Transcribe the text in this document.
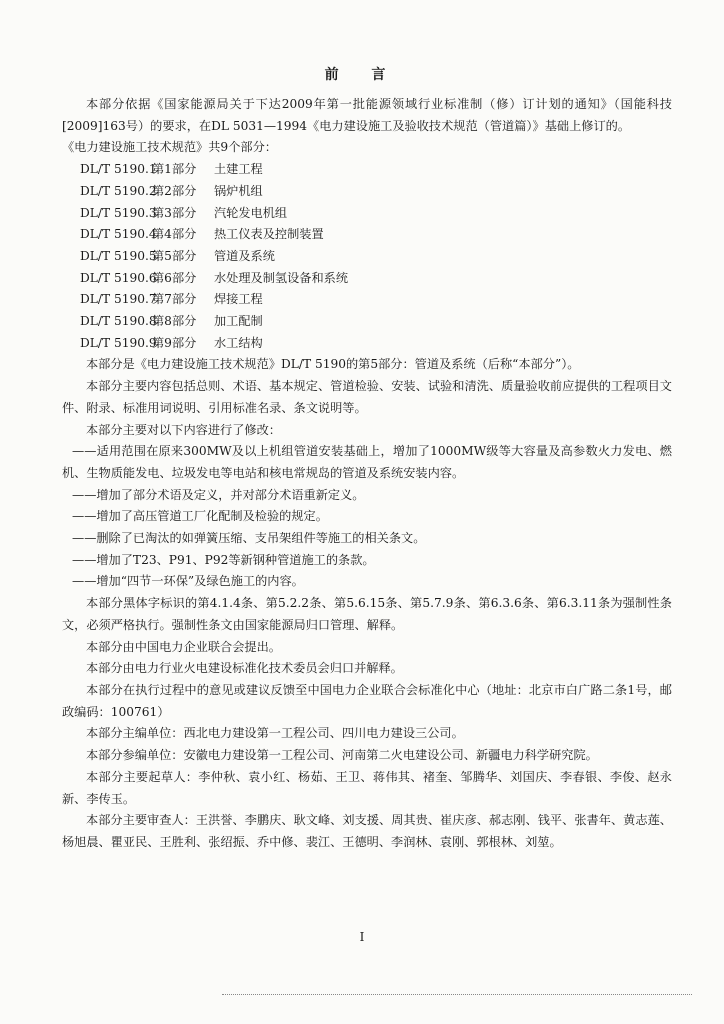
前 言

本部分依据《国家能源局关于下达2009年第一批能源领域行业标准制（修）订计划的通知》（国能科技[2009]163号）的要求，在DL 5031—1994《电力建设施工及验收技术规范（管道篇）》基础上修订的。

《电力建设施工技术规范》共9个部分：

DL/T 5190.1第1部分 土建工程
DL/T 5190.2第2部分 锅炉机组
DL/T 5190.3第3部分 汽轮发电机组
DL/T 5190.4第4部分 热工仪表及控制装置
DL/T 5190.5第5部分 管道及系统
DL/T 5190.6第6部分 水处理及制氢设备和系统
DL/T 5190.7第7部分 焊接工程
DL/T 5190.8第8部分 加工配制
DL/T 5190.9第9部分 水工结构

本部分是《电力建设施工技术规范》DL/T 5190的第5部分：管道及系统（后称“本部分”）。

本部分主要内容包括总则、术语、基本规定、管道检验、安装、试验和清洗、质量验收前应提供的工程项目文件、附录、标准用词说明、引用标准名录、条文说明等。

本部分主要对以下内容进行了修改：

——适用范围在原来300MW及以上机组管道安装基础上，增加了1000MW级等大容量及高参数火力发电、燃机、生物质能发电、垃圾发电等电站和核电常规岛的管道及系统安装内容。

——增加了部分术语及定义，并对部分术语重新定义。

——增加了高压管道工厂化配制及检验的规定。

——删除了已淘汰的如弹簧压缩、支吊架组件等施工的相关条文。

——增加了T23、P91、P92等新钢种管道施工的条款。

——增加“四节一环保”及绿色施工的内容。

本部分黑体字标识的第4.1.4条、第5.2.2条、第5.6.15条、第5.7.9条、第6.3.6条、第6.3.11条为强制性条文，必须严格执行。强制性条文由国家能源局归口管理、解释。

本部分由中国电力企业联合会提出。

本部分由电力行业火电建设标准化技术委员会归口并解释。

本部分在执行过程中的意见或建议反馈至中国电力企业联合会标准化中心（地址：北京市白广路二条1号，邮政编码：100761）

本部分主编单位：西北电力建设第一工程公司、四川电力建设三公司。

本部分参编单位：安徽电力建设第一工程公司、河南第二火电建设公司、新疆电力科学研究院。

本部分主要起草人：李仲秋、袁小红、杨茹、王卫、蒋伟其、褚奎、邹腾华、刘国庆、李春银、李俊、赵永新、李传玉。

本部分主要审查人：王洪誉、李鹏庆、耿文峰、刘支援、周其贵、崔庆彦、郝志刚、钱平、张書年、黄志莲、杨旭晨、瞿亚民、王胜利、张绍振、乔中修、裴江、王德明、李润林、袁刚、郭根林、刘堃。

I
